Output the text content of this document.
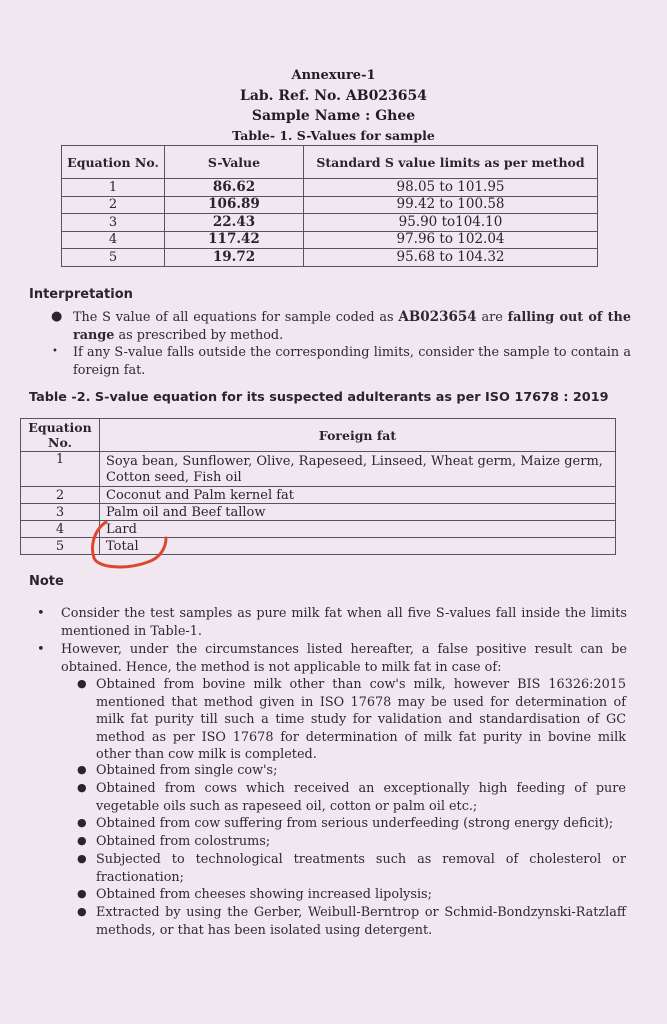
Annexure-1
Lab. Ref. No. AB023654
Sample Name : Ghee
Table- 1. S-Values for sample
Equation No.	S-Value	Standard S value limits as per method
1	86.62	98.05 to 101.95
2	106.89	99.42 to 100.58
3	22.43	95.90 to104.10
4	117.42	97.96 to 102.04
5	19.72	95.68 to 104.32
Interpretation
● The S value of all equations for sample coded as AB023654 are falling out of the range as prescribed by method.
• If any S-value falls outside the corresponding limits, consider the sample to contain a foreign fat.
Table -2. S-value equation for its suspected adulterants as per ISO 17678 : 2019
Equation No.	Foreign fat
1	Soya bean, Sunflower, Olive, Rapeseed, Linseed, Wheat germ, Maize germ, Cotton seed, Fish oil
2	Coconut and Palm kernel fat
3	Palm oil and Beef tallow
4	Lard
5	Total
Note
• Consider the test samples as pure milk fat when all five S-values fall inside the limits mentioned in Table-1.
• However, under the circumstances listed hereafter, a false positive result can be obtained. Hence, the method is not applicable to milk fat in case of:
● Obtained from bovine milk other than cow's milk, however BIS 16326:2015 mentioned that method given in ISO 17678 may be used for determination of milk fat purity till such a time study for validation and standardisation of GC method as per ISO 17678 for determination of milk fat purity in bovine milk other than cow milk is completed.
● Obtained from single cow's;
● Obtained from cows which received an exceptionally high feeding of pure vegetable oils such as rapeseed oil, cotton or palm oil etc.;
● Obtained from cow suffering from serious underfeeding (strong energy deficit);
● Obtained from colostrums;
● Subjected to technological treatments such as removal of cholesterol or fractionation;
● Obtained from cheeses showing increased lipolysis;
● Extracted by using the Gerber, Weibull-Berntrop or Schmid-Bondzynski-Ratzlaff methods, or that has been isolated using detergent.
